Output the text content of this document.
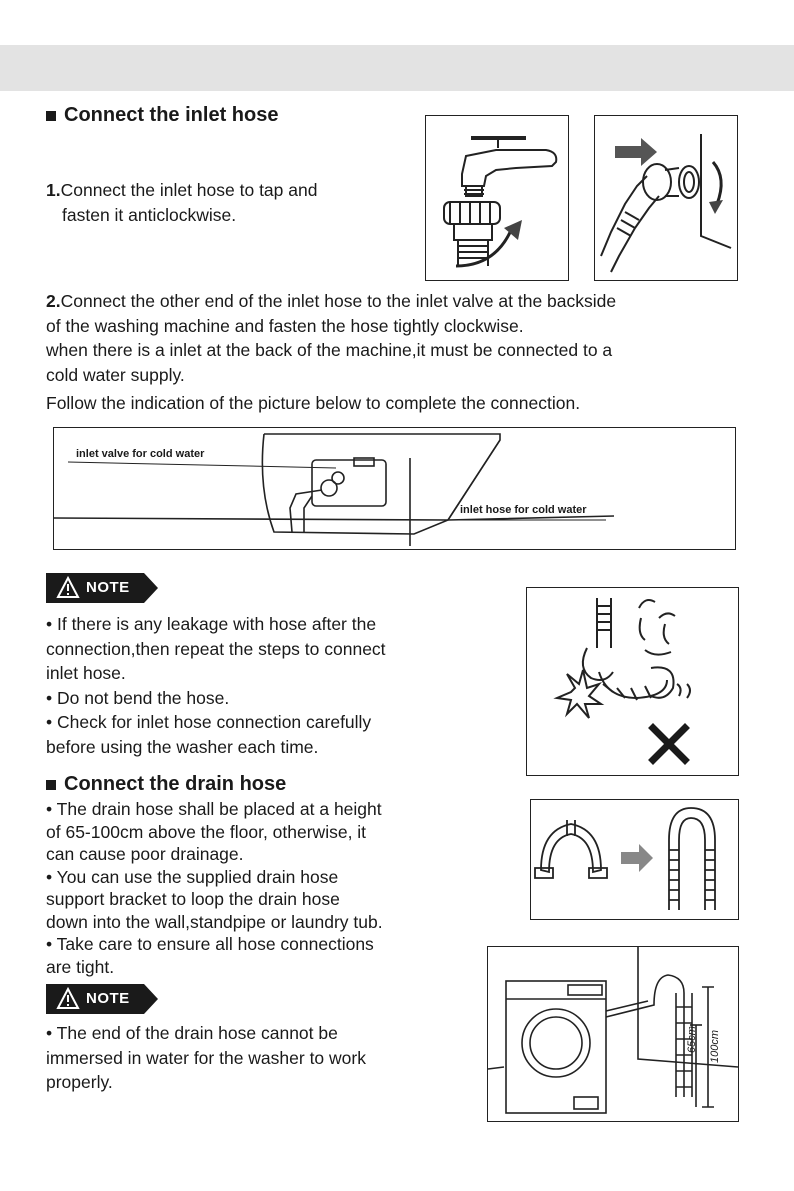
Connect the inlet hose

1.Connect the inlet hose to tap and

fasten it anticlockwise.

2.Connect the other end of the inlet hose to the inlet valve at the backside

of the washing machine and fasten the hose tightly clockwise.

when there is a inlet at the back of the machine,it must be connected to a

cold water supply.

Follow the indication of the picture below to complete the connection.

inlet valve for cold water
inlet hose for cold water
NOTE

• If there is any leakage with hose after the

connection,then repeat the steps to connect

inlet hose.

• Do not bend the hose.

• Check for inlet hose connection carefully

before using the washer each time.

Connect the drain hose

• The drain hose shall be placed at a height

of 65-100cm above the floor, otherwise, it

can cause poor drainage.

• You can use the supplied drain hose

support bracket to loop the drain hose

down into the wall,standpipe or laundry tub.

• Take care to ensure all hose connections

are tight.

65cm 100cm
NOTE

• The end of the drain hose cannot be

immersed in water for the washer to work

properly.
